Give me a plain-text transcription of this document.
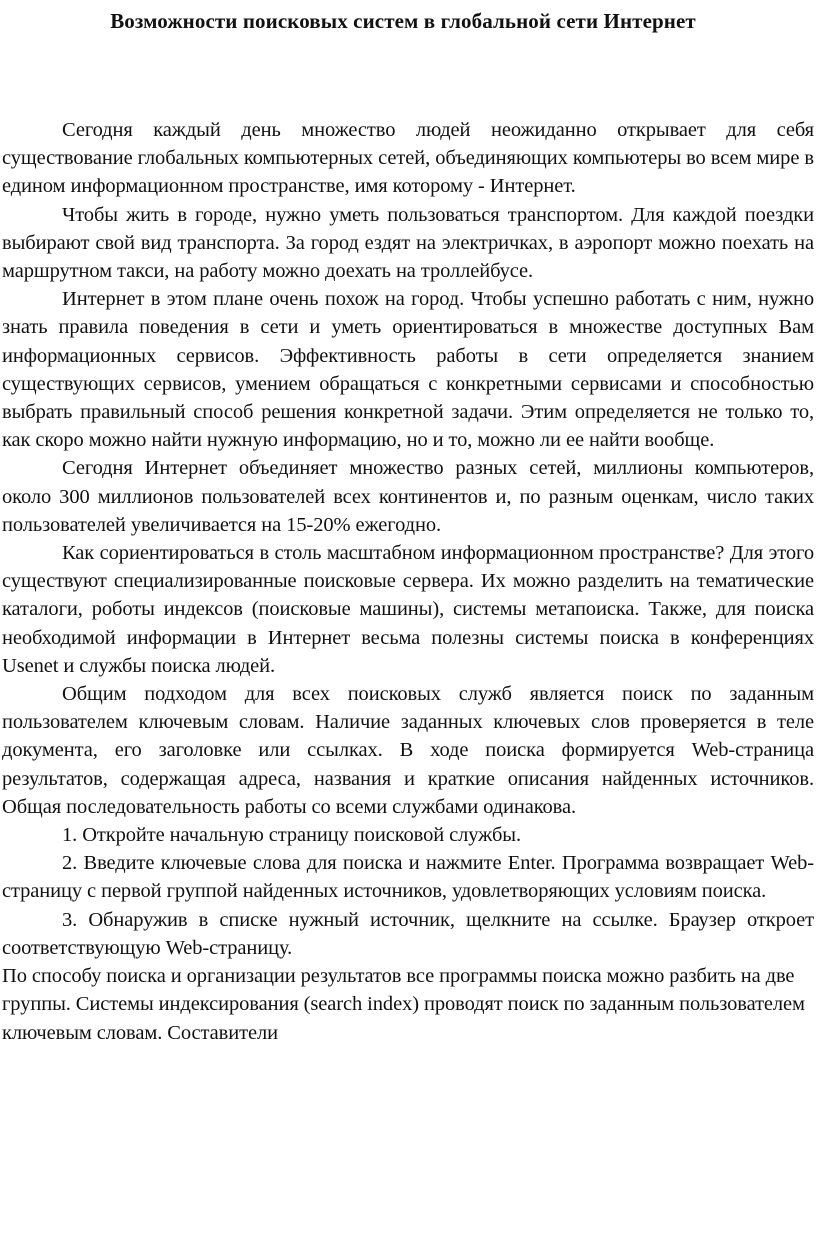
Возможности поисковых систем в глобальной сети Интернет

Сегодня каждый день множество людей неожиданно открывает для себя существование глобальных компьютерных сетей, объединяющих компьютеры во всем мире в едином информационном пространстве, имя которому - Интернет.

Чтобы жить в городе, нужно уметь пользоваться транспортом. Для каждой поездки выбирают свой вид транспорта. За город ездят на электричках, в аэропорт можно поехать на маршрутном такси, на работу можно доехать на троллейбусе.

Интернет в этом плане очень похож на город. Чтобы успешно работать с ним, нужно знать правила поведения в сети и уметь ориентироваться в множестве доступных Вам информационных сервисов. Эффективность работы в сети определяется знанием существующих сервисов, умением обращаться с конкретными сервисами и способностью выбрать правильный способ решения конкретной задачи. Этим определяется не только то, как скоро можно найти нужную информацию, но и то, можно ли ее найти вообще.

Сегодня Интернет объединяет множество разных сетей, миллионы компьютеров, около 300 миллионов пользователей всех континентов и, по разным оценкам, число таких пользователей увеличивается на 15-20% ежегодно.

Как сориентироваться в столь масштабном информационном пространстве? Для этого существуют специализированные поисковые сервера. Их можно разделить на тематические каталоги, роботы индексов (поисковые машины), системы метапоиска. Также, для поиска необходимой информации в Интернет весьма полезны системы поиска в конференциях Usenet и службы поиска людей.

Общим подходом для всех поисковых служб является поиск по заданным пользователем ключевым словам. Наличие заданных ключевых слов проверяется в теле документа, его заголовке или ссылках. В ходе поиска формируется Web-страница результатов, содержащая адреса, названия и краткие описания найденных источников. Общая последовательность работы со всеми службами одинакова.

1. Откройте начальную страницу поисковой службы.

2. Введите ключевые слова для поиска и нажмите Enter. Программа возвращает Web-страницу с первой группой найденных источников, удовлетворяющих условиям поиска.

3. Обнаружив в списке нужный источник, щелкните на ссылке. Браузер откроет соответствующую Web-страницу.

По способу поиска и организации результатов все программы поиска можно разбить на две группы. Системы индексирования (search index) проводят поиск по заданным пользователем ключевым словам. Составители
